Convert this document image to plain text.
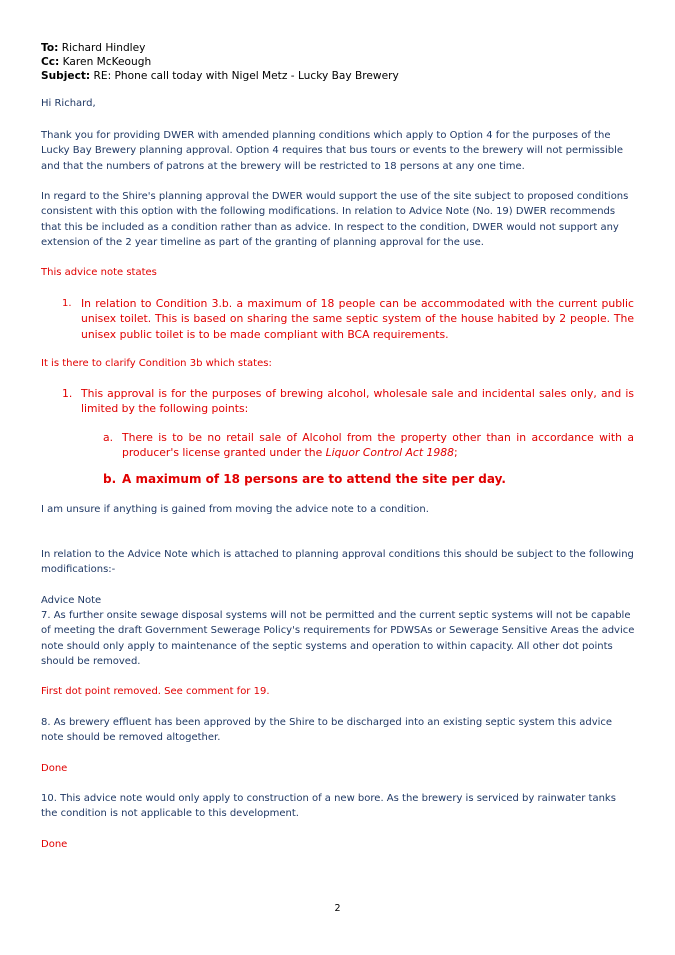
To: Richard Hindley
Cc: Karen McKeough
Subject: RE: Phone call today with Nigel Metz - Lucky Bay Brewery
Hi Richard,
Thank you for providing DWER with amended planning conditions which apply to Option 4 for the purposes of the Lucky Bay Brewery planning approval. Option 4 requires that bus tours or events to the brewery will not permissible and that the numbers of patrons at the brewery will be restricted to 18 persons at any one time.
In regard to the Shire's planning approval the DWER would support the use of the site subject to proposed conditions consistent with this option with the following modifications. In relation to Advice Note (No. 19) DWER recommends that this be included as a condition rather than as advice. In respect to the condition, DWER would not support any extension of the 2 year timeline as part of the granting of planning approval for the use.
This advice note states
1. In relation to Condition 3.b. a maximum of 18 people can be accommodated with the current public unisex toilet. This is based on sharing the same septic system of the house habited by 2 people. The unisex public toilet is to be made compliant with BCA requirements.
It is there to clarify Condition 3b which states:
1. This approval is for the purposes of brewing alcohol, wholesale sale and incidental sales only, and is limited by the following points:
a. There is to be no retail sale of Alcohol from the property other than in accordance with a producer's license granted under the Liquor Control Act 1988;
b. A maximum of 18 persons are to attend the site per day.
I am unsure if anything is gained from moving the advice note to a condition.
In relation to the Advice Note which is attached to planning approval conditions this should be subject to the following modifications:-
Advice Note
7. As further onsite sewage disposal systems will not be permitted and the current septic systems will not be capable of meeting the draft Government Sewerage Policy's requirements for PDWSAs or Sewerage Sensitive Areas the advice note should only apply to maintenance of the septic systems and operation to within capacity. All other dot points should be removed.
First dot point removed. See comment for 19.
8. As brewery effluent has been approved by the Shire to be discharged into an existing septic system this advice note should be removed altogether.
Done
10. This advice note would only apply to construction of a new bore. As the brewery is serviced by rainwater tanks the condition is not applicable to this development.
Done
2
